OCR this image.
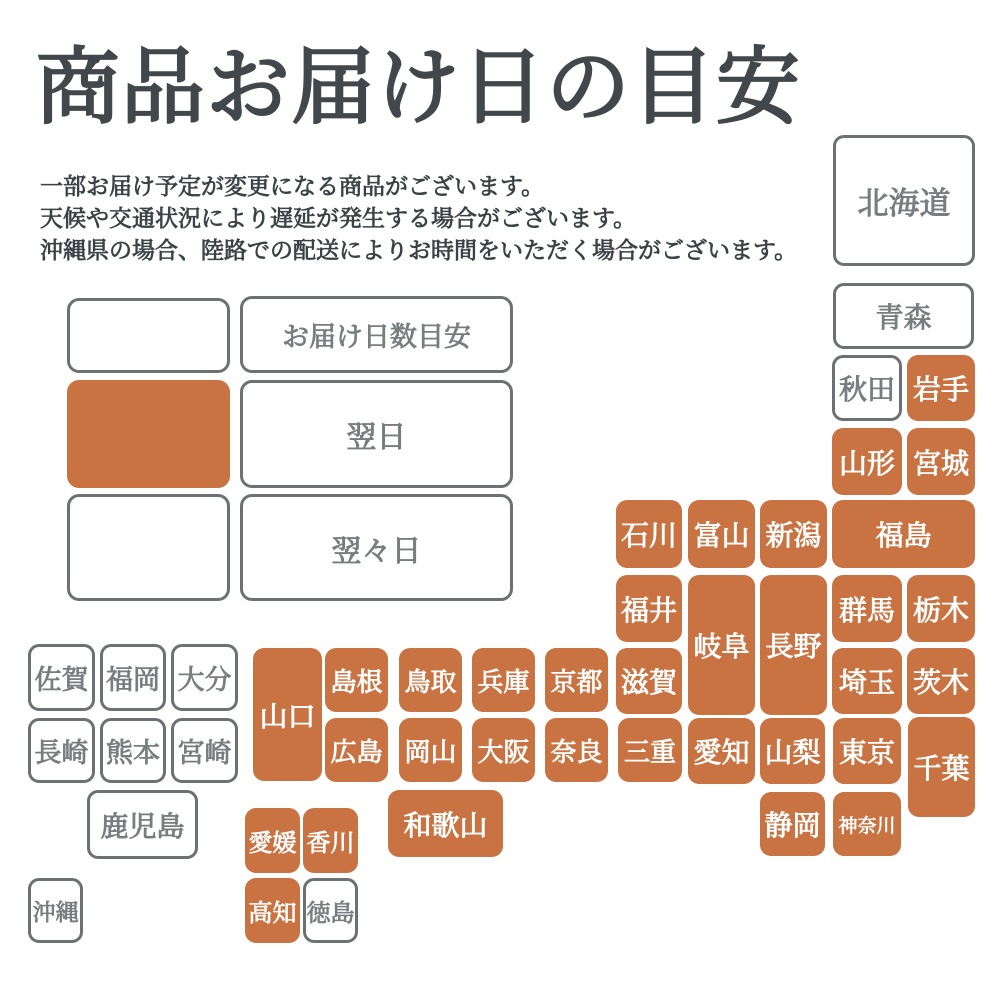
商品お届け日の目安

一部お届け予定が変更になる商品がございます。

天候や交通状況により遅延が発生する場合がございます。

沖縄県の場合、陸路での配送によりお時間をいただく場合がございます。

お届け日数目安
翌日
翌々日
北海道
青森
秋田 岩手
山形 宮城
石川 富山 新潟 福島
福井
岐阜 長野
群馬 栃木
滋賀	埼玉 茨木
佐賀 福岡 大分
長崎 熊本 宮崎
山口
島根 鳥取 兵庫 京都
広島 岡山 大阪 奈良 三重 愛知 山梨 東京
千葉
静岡 神奈川
鹿児島	和歌山
愛媛 香川
高知 徳島
沖縄
